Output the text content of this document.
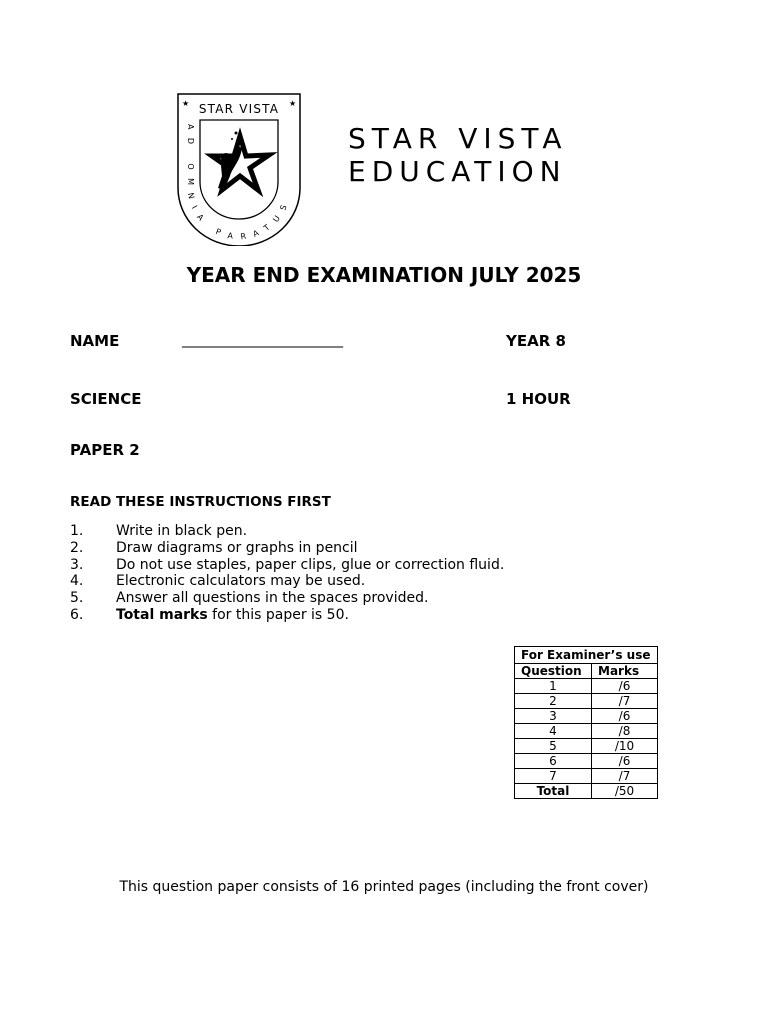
STAR VISTA
★	★
AD OMNIA PARATUS
STAR VISTA
EDUCATION
YEAR END EXAMINATION JULY 2025
NAME	_______________________	YEAR 8
SCIENCE	1 HOUR
PAPER 2
READ THESE INSTRUCTIONS FIRST
1.	Write in black pen.
2.	Draw diagrams or graphs in pencil
3.	Do not use staples, paper clips, glue or correction fluid.
4.	Electronic calculators may be used.
5.	Answer all questions in the spaces provided.
6.	Total marks for this paper is 50.
For Examiner’s use	
Question	Marks
1	/6
2	/7
3	/6
4	/8
5	/10
6	/6
7	/7
Total	/50
This question paper consists of 16 printed pages (including the front cover)
